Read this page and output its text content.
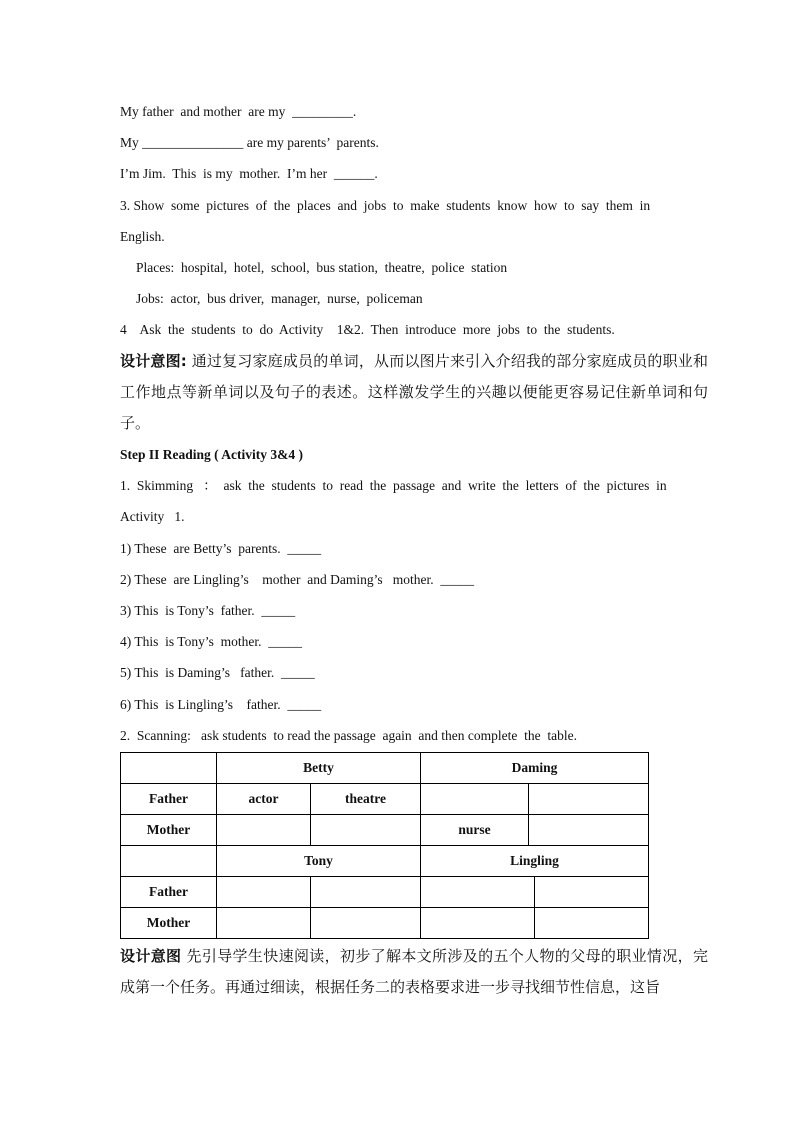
My father  and mother  are my  _________.
My _______________ are my parents’  parents.
I’m Jim.  This  is my  mother.  I’m her  ______.
3. Show  some  pictures  of  the  places  and  jobs  to  make  students  know  how  to  say  them  in
English.
Places:  hospital,  hotel,  school,  bus station,  theatre,  police  station
Jobs:  actor,  bus driver,  manager,  nurse,  policeman
4    Ask  the  students  to  do  Activity    1&2.  Then  introduce  more  jobs  to  the  students.
设计意图: 通过复习家庭成员的单词，从而以图片来引入介绍我的部分家庭成员的职业和工作地点等新单词以及句子的表述。这样激发学生的兴趣以便能更容易记住新单词和句子。
Step II Reading ( Activity 3&4 )
1.  Skimming   ：  ask  the  students  to  read  the  passage  and  write  the  letters  of  the  pictures  in
Activity   1.
1) These  are Betty’s  parents.  _____
2) These  are Lingling’s    mother  and Daming’s   mother.  _____
3) This  is Tony’s  father.  _____
4) This  is Tony’s  mother.  _____
5) This  is Daming’s   father.  _____
6) This  is Lingling’s    father.  _____
2.  Scanning:   ask students  to read the passage  again  and then complete  the  table.
	Betty		Daming		
Father	actor	theatre			
Mother			nurse		
	Tony		Lingling		
Father					
Mother					
设计意图 先引导学生快速阅读，初步了解本文所涉及的五个人物的父母的职业情况，完成第一个任务。再通过细读，根据任务二的表格要求进一步寻找细节性信息，这旨
